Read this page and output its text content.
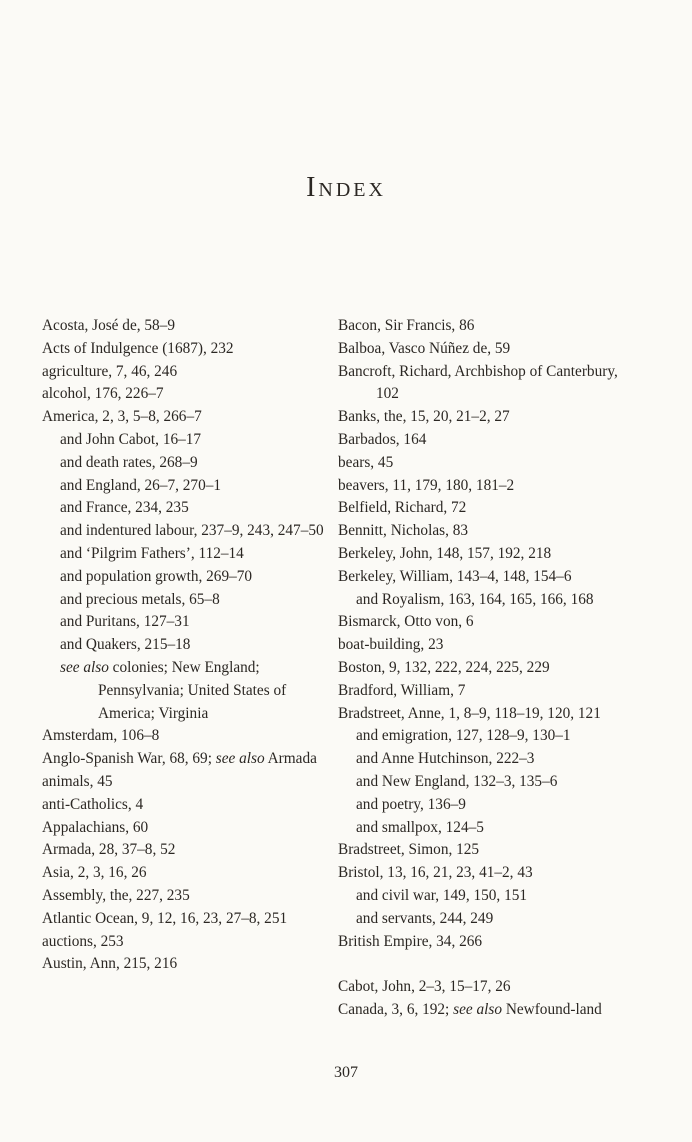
Index
Acosta, José de, 58–9
Acts of Indulgence (1687), 232
agriculture, 7, 46, 246
alcohol, 176, 226–7
America, 2, 3, 5–8, 266–7
and John Cabot, 16–17
and death rates, 268–9
and England, 26–7, 270–1
and France, 234, 235
and indentured labour, 237–9, 243, 247–50
and ‘Pilgrim Fathers’, 112–14
and population growth, 269–70
and precious metals, 65–8
and Puritans, 127–31
and Quakers, 215–18
see also colonies; New England; Pennsylvania; United States of America; Virginia
Amsterdam, 106–8
Anglo-Spanish War, 68, 69; see also Armada
animals, 45
anti-Catholics, 4
Appalachians, 60
Armada, 28, 37–8, 52
Asia, 2, 3, 16, 26
Assembly, the, 227, 235
Atlantic Ocean, 9, 12, 16, 23, 27–8, 251
auctions, 253
Austin, Ann, 215, 216
Bacon, Sir Francis, 86
Balboa, Vasco Núñez de, 59
Bancroft, Richard, Archbishop of Canterbury, 102
Banks, the, 15, 20, 21–2, 27
Barbados, 164
bears, 45
beavers, 11, 179, 180, 181–2
Belfield, Richard, 72
Bennitt, Nicholas, 83
Berkeley, John, 148, 157, 192, 218
Berkeley, William, 143–4, 148, 154–6
and Royalism, 163, 164, 165, 166, 168
Bismarck, Otto von, 6
boat-building, 23
Boston, 9, 132, 222, 224, 225, 229
Bradford, William, 7
Bradstreet, Anne, 1, 8–9, 118–19, 120, 121
and emigration, 127, 128–9, 130–1
and Anne Hutchinson, 222–3
and New England, 132–3, 135–6
and poetry, 136–9
and smallpox, 124–5
Bradstreet, Simon, 125
Bristol, 13, 16, 21, 23, 41–2, 43
and civil war, 149, 150, 151
and servants, 244, 249
British Empire, 34, 266
Cabot, John, 2–3, 15–17, 26
Canada, 3, 6, 192; see also Newfound-land
307
